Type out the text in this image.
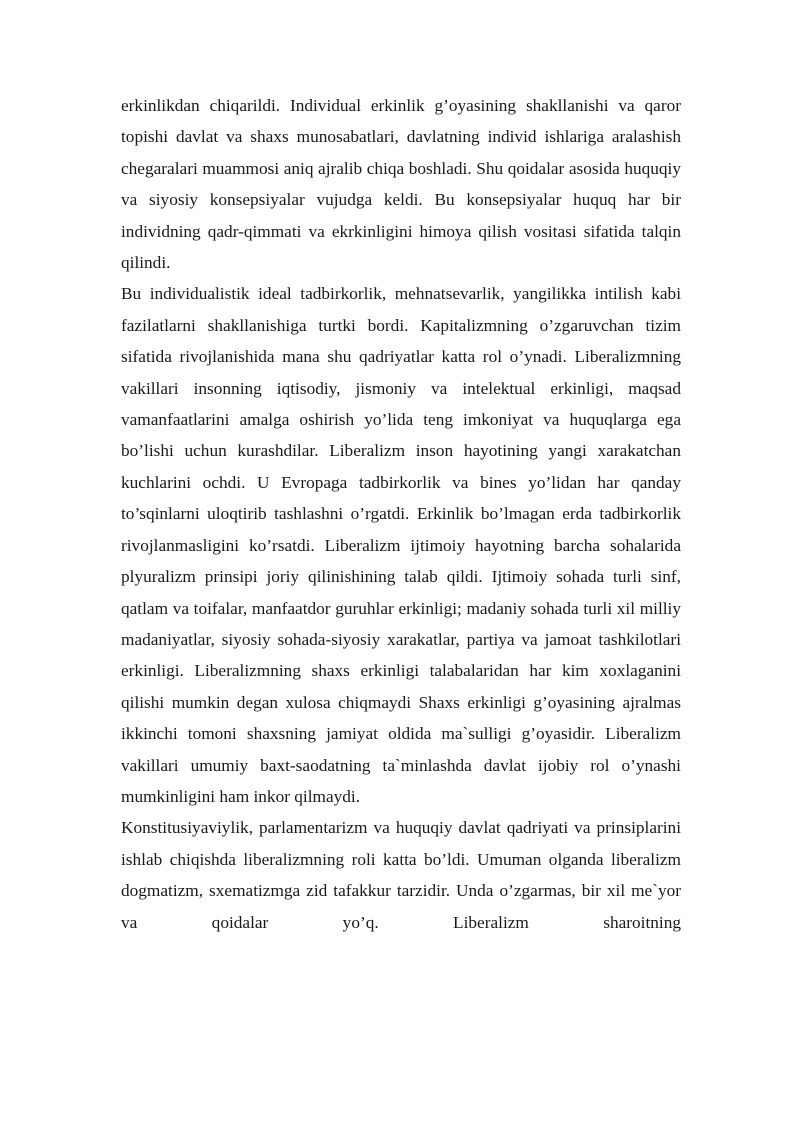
erkinlikdan chiqarildi. Individual erkinlik g’oyasining shakllanishi va qaror topishi davlat va shaxs munosabatlari, davlatning individ ishlariga aralashish chegaralari muammosi aniq ajralib chiqa boshladi. Shu qoidalar asosida huquqiy va siyosiy konsepsiyalar vujudga keldi. Bu konsepsiyalar huquq har bir individning qadr-qimmati va ekrkinligini himoya qilish vositasi sifatida talqin qilindi.

Bu individualistik ideal tadbirkorlik, mehnatsevarlik, yangilikka intilish kabi fazilatlarni shakllanishiga turtki bordi. Kapitalizmning o’zgaruvchan tizim sifatida rivojlanishida mana shu qadriyatlar katta rol o’ynadi. Liberalizmning vakillari insonning iqtisodiy, jismoniy va intelektual erkinligi, maqsad vamanfaatlarini amalga oshirish yo’lida teng imkoniyat va huquqlarga ega bo’lishi uchun kurashdilar. Liberalizm inson hayotining yangi xarakatchan kuchlarini ochdi. U Evropaga tadbirkorlik va bines yo’lidan har qanday to’sqinlarni uloqtirib tashlashni o’rgatdi. Erkinlik bo’lmagan erda tadbirkorlik rivojlanmasligini ko’rsatdi. Liberalizm ijtimoiy hayotning barcha sohalarida plyuralizm prinsipi joriy qilinishining talab qildi. Ijtimoiy sohada turli sinf, qatlam va toifalar, manfaatdor guruhlar erkinligi; madaniy sohada turli xil milliy madaniyatlar, siyosiy sohada-siyosiy xarakatlar, partiya va jamoat tashkilotlari erkinligi. Liberalizmning shaxs erkinligi talabalaridan har kim xoxlaganini qilishi mumkin degan xulosa chiqmaydi Shaxs erkinligi g’oyasining ajralmas ikkinchi tomoni shaxsning jamiyat oldida ma`sulligi g’oyasidir. Liberalizm vakillari umumiy baxt-saodatning ta`minlashda davlat ijobiy rol o’ynashi mumkinligini ham inkor qilmaydi.

Konstitusiyaviylik, parlamentarizm va huquqiy davlat qadriyati va prinsiplarini ishlab chiqishda liberalizmning roli katta bo’ldi. Umuman olganda liberalizm dogmatizm, sxematizmga zid tafakkur tarzidir. Unda o’zgarmas, bir xil me`yor va qoidalar yo’q. Liberalizm sharoitning
